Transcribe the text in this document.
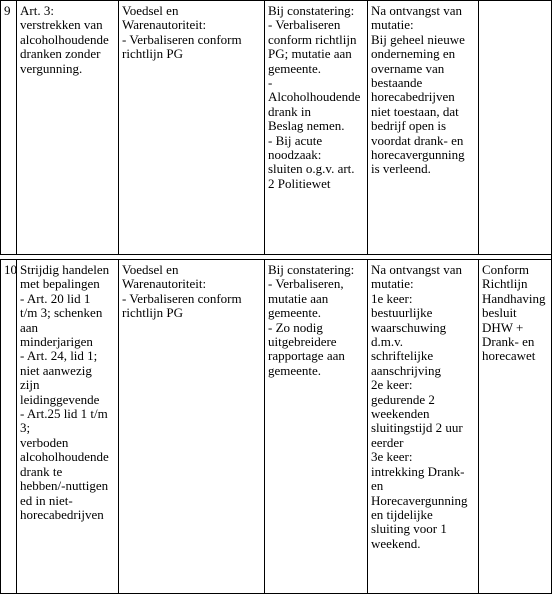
9 Art. 3:
verstrekken van
alcoholhoudende
dranken zonder
vergunning.
Voedsel en
Warenautoriteit:
- Verbaliseren conform
richtlijn PG
Bij constatering:
- Verbaliseren
conform richtlijn
PG; mutatie aan
gemeente.
-
Alcoholhoudende
drank in
Beslag nemen.
- Bij acute
noodzaak:
sluiten o.g.v. art.
2 Politiewet
Na ontvangst van
mutatie:
Bij geheel nieuwe
onderneming en
overname van
bestaande
horecabedrijven
niet toestaan, dat
bedrijf open is
voordat drank- en
horecavergunning
is verleend.
10 Strijdig handelen
met bepalingen
- Art. 20 lid 1
t/m 3; schenken
aan
minderjarigen
- Art. 24, lid 1;
niet aanwezig
zijn
leidinggevende
- Art.25 lid 1 t/m
3;
verboden
alcoholhoudende
drank te
hebben/-nuttigen
ed in niet-
horecabedrijven
Voedsel en
Warenautoriteit:
- Verbaliseren conform
richtlijn PG
Bij constatering:
- Verbaliseren,
mutatie aan
gemeente.
- Zo nodig
uitgebreidere
rapportage aan
gemeente.
Na ontvangst van
mutatie:
1e keer:
bestuurlijke
waarschuwing
d.m.v.
schriftelijke
aanschrijving
2e keer:
gedurende 2
weekenden
sluitingstijd 2 uur
eerder
3e keer:
intrekking Drank-
en
Horecavergunning
en tijdelijke
sluiting voor 1
weekend.
Conform
Richtlijn
Handhaving
besluit
DHW +
Drank- en
horecawet
